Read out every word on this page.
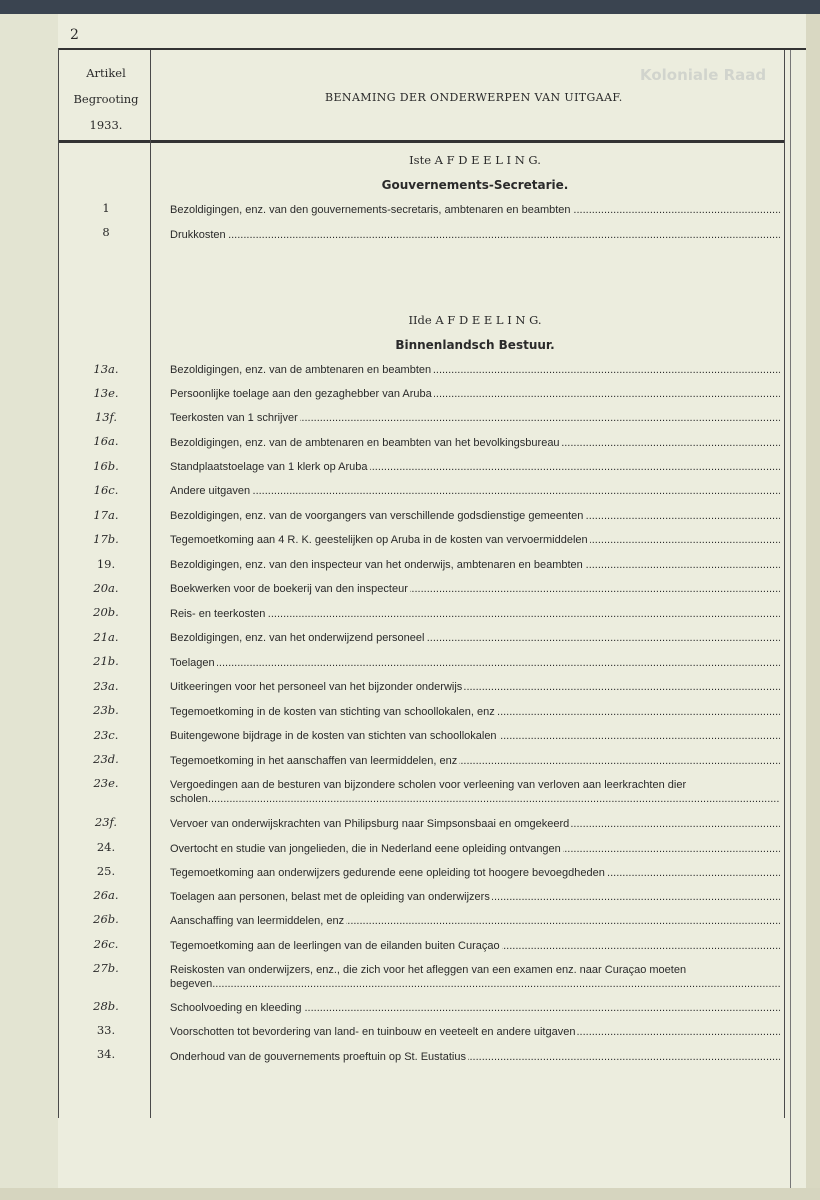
Koloniale Raad
2
Artikel
Begrooting
1933.
BENAMING DER ONDERWERPEN VAN UITGAAF.
Iste A F D E E L I N G.
Gouvernements-Secretarie.
1	Bezoldigingen, enz. van den gouvernements-secretaris, ambtenaren en beambten .....
8	Drukkosten .....
IIde A F D E E L I N G.
Binnenlandsch Bestuur.
13a.	Bezoldigingen, enz. van de ambtenaren en beambten .....
13e.	Persoonlijke toelage aan den gezaghebber van Aruba .....
13f.	Teerkosten van 1 schrijver .....
16a.	Bezoldigingen, enz. van de ambtenaren en beambten van het bevolkingsbureau .....
16b.	Standplaatstoelage van 1 klerk op Aruba .....
16c.	Andere uitgaven .....
17a.	Bezoldigingen, enz. van de voorgangers van verschillende godsdienstige gemeenten .....
17b.	Tegemoetkoming aan 4 R. K. geestelijken op Aruba in de kosten van vervoermiddelen .....
19.	Bezoldigingen, enz. van den inspecteur van het onderwijs, ambtenaren en beambten .....
20a.	Boekwerken voor de boekerij van den inspecteur .....
20b.	Reis- en teerkosten .....
21a.	Bezoldigingen, enz. van het onderwijzend personeel .....
21b.	Toelagen .....
23a.	Uitkeeringen voor het personeel van het bijzonder onderwijs .....
23b.	Tegemoetkoming in de kosten van stichting van schoollokalen, enz .....
23c.	Buitengewone bijdrage in de kosten van stichten van schoollokalen .....
23d.	Tegemoetkoming in het aanschaffen van leermiddelen, enz .....
23e.	Vergoedingen aan de besturen van bijzondere scholen voor verleening van verloven aan leerkrachten dier
scholen .....
23f.	Vervoer van onderwijskrachten van Philipsburg naar Simpsonsbaai en omgekeerd .....
24.	Overtocht en studie van jongelieden, die in Nederland eene opleiding ontvangen .....
25.	Tegemoetkoming aan onderwijzers gedurende eene opleiding tot hoogere bevoegdheden .....
26a.	Toelagen aan personen, belast met de opleiding van onderwijzers .....
26b.	Aanschaffing van leermiddelen, enz .....
26c.	Tegemoetkoming aan de leerlingen van de eilanden buiten Curaçao .....
27b.	Reiskosten van onderwijzers, enz., die zich voor het afleggen van een examen enz. naar Curaçao moeten
begeven .....
28b.	Schoolvoeding en kleeding .....
33.	Voorschotten tot bevordering van land- en tuinbouw en veeteelt en andere uitgaven .....
34.	Onderhoud van de gouvernements proeftuin op St. Eustatius .....
